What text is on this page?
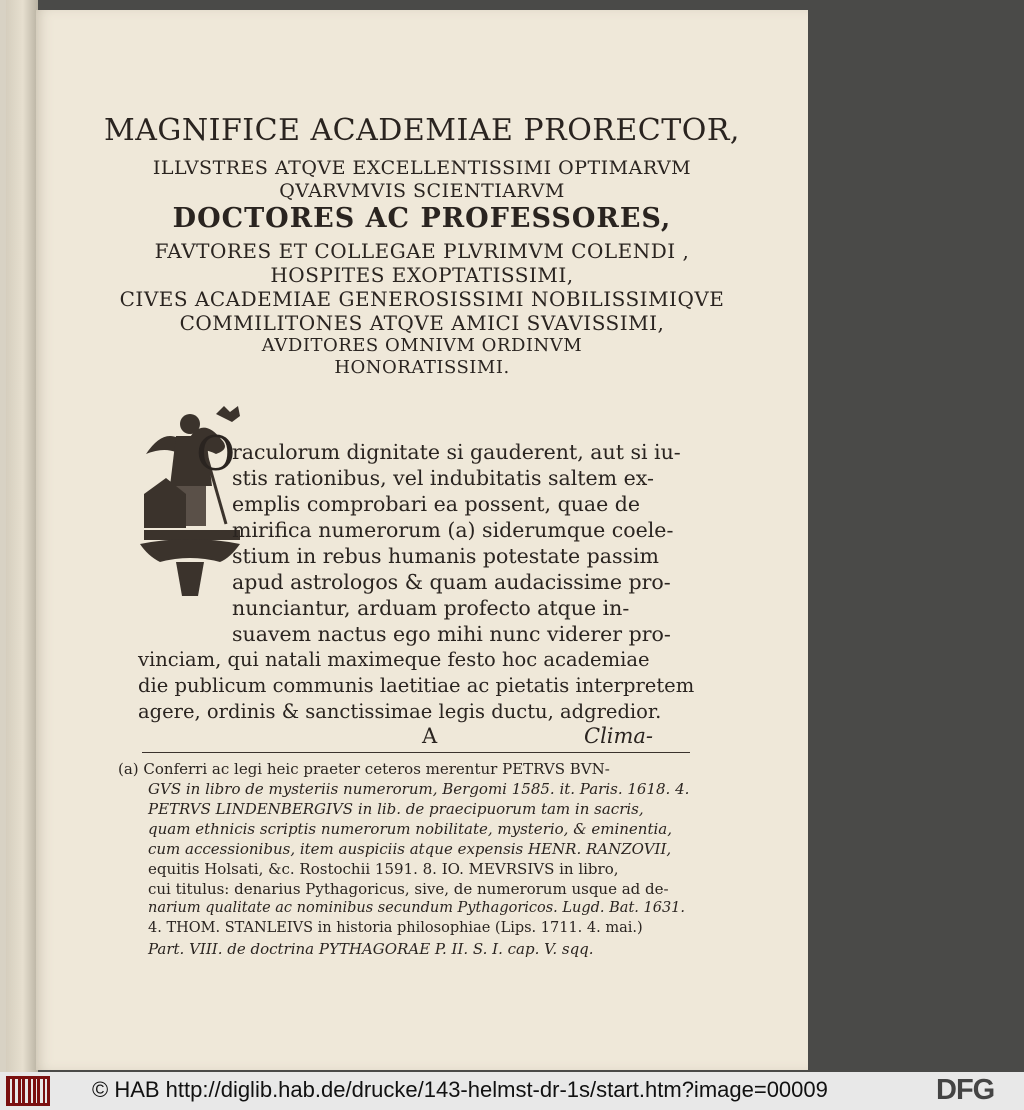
MAGNIFICE ACADEMIAE PRORECTOR,
ILLVSTRES ATQVE EXCELLENTISSIMI OPTIMARVM
QVARVMVIS SCIENTIARVM
DOCTORES AC PROFESSORES,
FAVTORES ET COLLEGAE PLVRIMVM COLENDI ,
HOSPITES EXOPTATISSIMI,
CIVES ACADEMIAE GENEROSISSIMI NOBILISSIMIQVE
COMMILITONES ATQVE AMICI SVAVISSIMI,
AVDITORES OMNIVM ORDINVM
HONORATISSIMI.
O
raculorum dignitate si gauderent, aut si iu-
stis rationibus, vel indubitatis saltem ex-
emplis comprobari ea possent, quae de
mirifica numerorum (a) siderumque coele-
stium in rebus humanis potestate passim
apud astrologos & quam audacissime pro-
nunciantur, arduam profecto atque in-
suavem nactus ego mihi nunc viderer pro-
vinciam, qui natali maximeque festo hoc academiae
die publicum communis laetitiae ac pietatis interpretem
agere, ordinis & sanctissimae legis ductu, adgredior.
A	Clima-
(a) Conferri ac legi heic praeter ceteros merentur PETRVS BVN-
GVS in libro de mysteriis numerorum, Bergomi 1585. it. Paris. 1618. 4.
PETRVS LINDENBERGIVS in lib. de praecipuorum tam in sacris,
quam ethnicis scriptis numerorum nobilitate, mysterio, & eminentia,
cum accessionibus, item auspiciis atque expensis HENR. RANZOVII,
equitis Holsati, &c. Rostochii 1591. 8. IO. MEVRSIVS in libro,
cui titulus: denarius Pythagoricus, sive, de numerorum usque ad de-
narium qualitate ac nominibus secundum Pythagoricos. Lugd. Bat. 1631.
4. THOM. STANLEIVS in historia philosophiae (Lips. 1711. 4. mai.)
Part. VIII. de doctrina PYTHAGORAE P. II. S. I. cap. V. sqq.
© HAB http://diglib.hab.de/drucke/143-helmst-dr-1s/start.htm?image=00009	DFG
